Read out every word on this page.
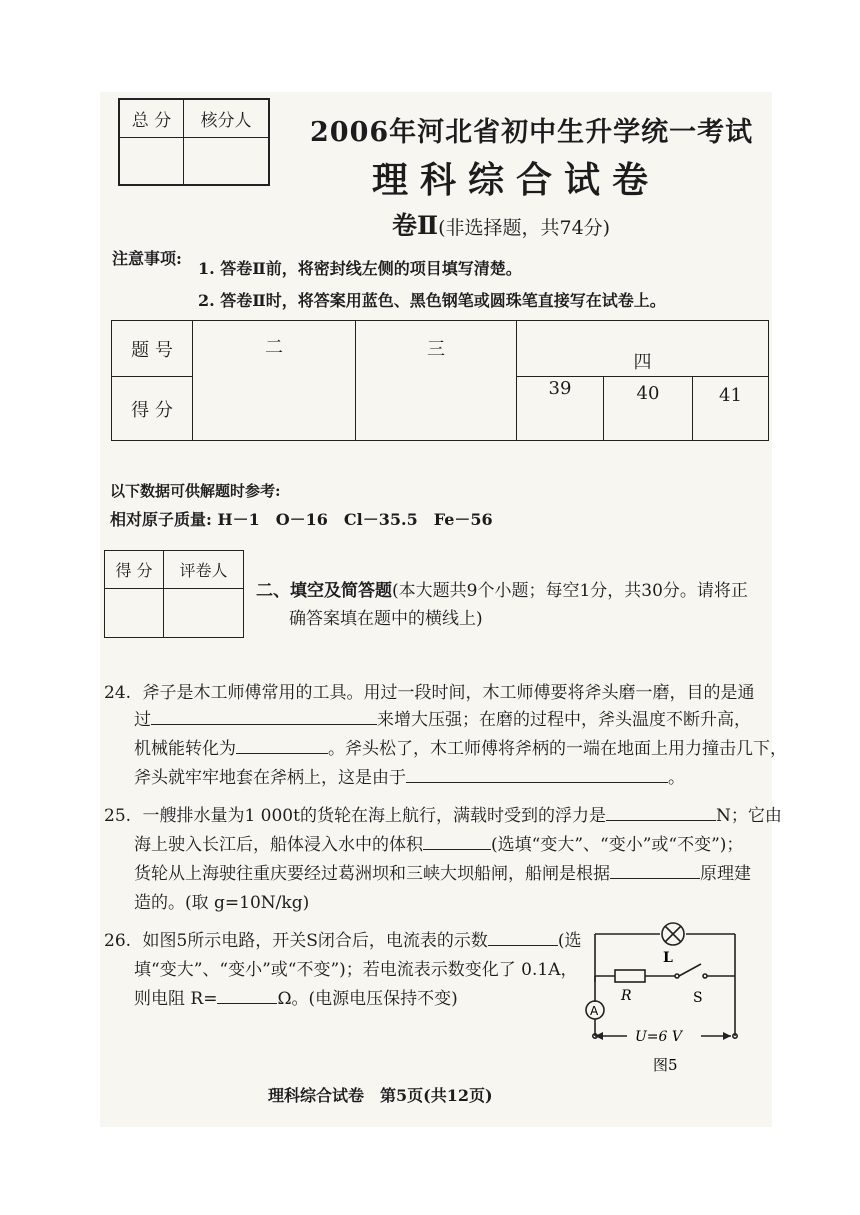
总 分	核分人	2006年河北省初中生升学统一考试
理科综合试卷
卷Ⅱ(非选择题，共74分)
注意事项:
1. 答卷Ⅱ前，将密封线左侧的项目填写清楚。
2. 答卷Ⅱ时，将答案用蓝色、黑色钢笔或圆珠笔直接写在试卷上。
题 号	二	三	四		
得 分			39	40	41
以下数据可供解题时参考:
相对原子质量: H－1　O－16　Cl－35.5　Fe－56
得 分	评卷人

二、填空及简答题(本大题共9个小题；每空1分，共30分。请将正
确答案填在题中的横线上)
24. 斧子是木工师傅常用的工具。用过一段时间，木工师傅要将斧头磨一磨，目的是通
过	来增大压强；在磨的过程中，斧头温度不断升高，
机械能转化为	。斧头松了，木工师傅将斧柄的一端在地面上用力撞击几下，
斧头就牢牢地套在斧柄上，这是由于	。
25. 一艘排水量为1 000t的货轮在海上航行，满载时受到的浮力是	N；它由
海上驶入长江后，船体浸入水中的体积	(选填“变大”、“变小”或“不变”)；
货轮从上海驶往重庆要经过葛洲坝和三峡大坝船闸，船闸是根据	原理建
造的。(取 g=10N/kg)
26. 如图5所示电路，开关S闭合后，电流表的示数	(选
填“变大”、“变小”或“不变”)；若电流表示数变化了 0.1A，
则电阻 R=	Ω。(电源电压保持不变)
L
R	S
A
U=6 V
图5
理科综合试卷　第5页(共12页)
